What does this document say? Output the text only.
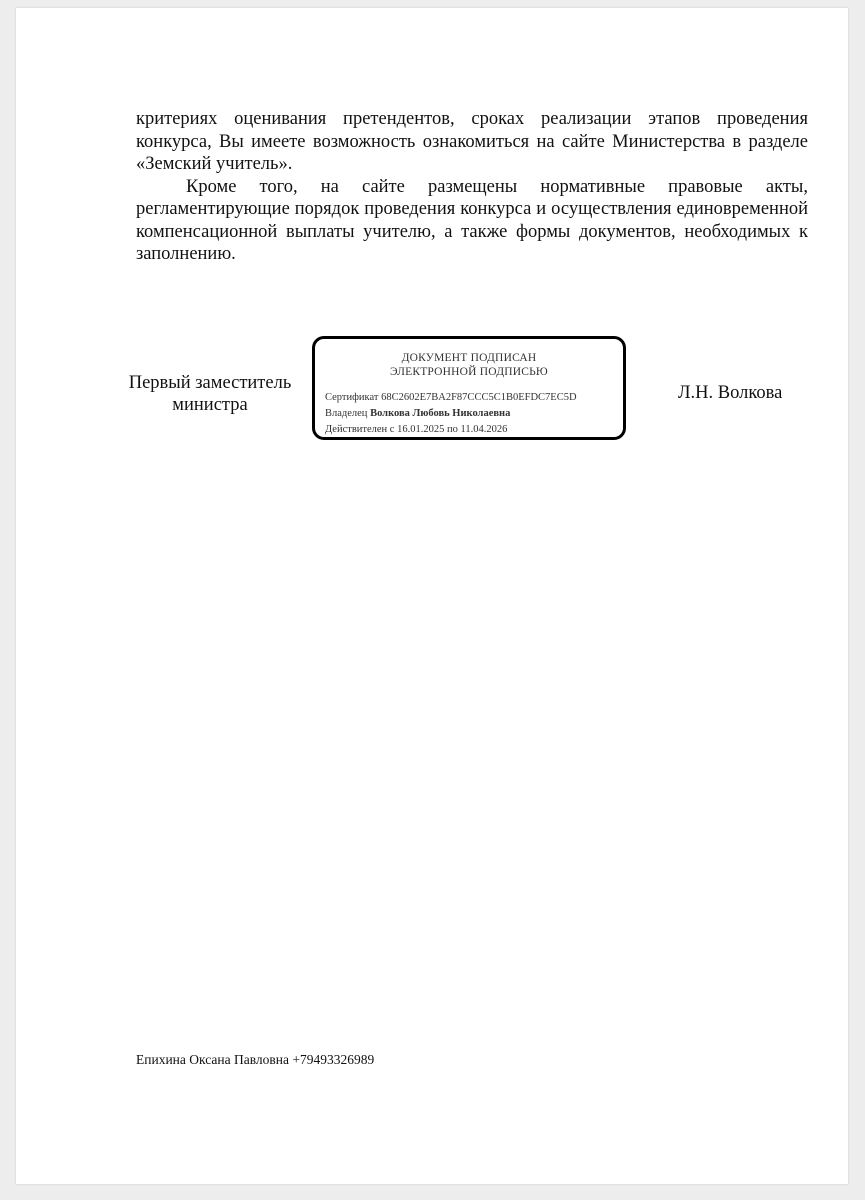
критериях оценивания претендентов, сроках реализации этапов проведения конкурса, Вы имеете возможность ознакомиться на сайте Министерства в разделе «Земский учитель».

Кроме того, на сайте размещены нормативные правовые акты, регламентирующие порядок проведения конкурса и осуществления единовременной компенсационной выплаты учителю, а также формы документов, необходимых к заполнению.

Первый заместитель
министра
ДОКУМЕНТ ПОДПИСАН
ЭЛЕКТРОННОЙ ПОДПИСЬЮ
Сертификат 68C2602E7BA2F87CCC5C1B0EFDC7EC5D
Владелец Волкова Любовь Николаевна
Действителен с 16.01.2025 по 11.04.2026
Л.Н. Волкова
Епихина Оксана Павловна +79493326989
